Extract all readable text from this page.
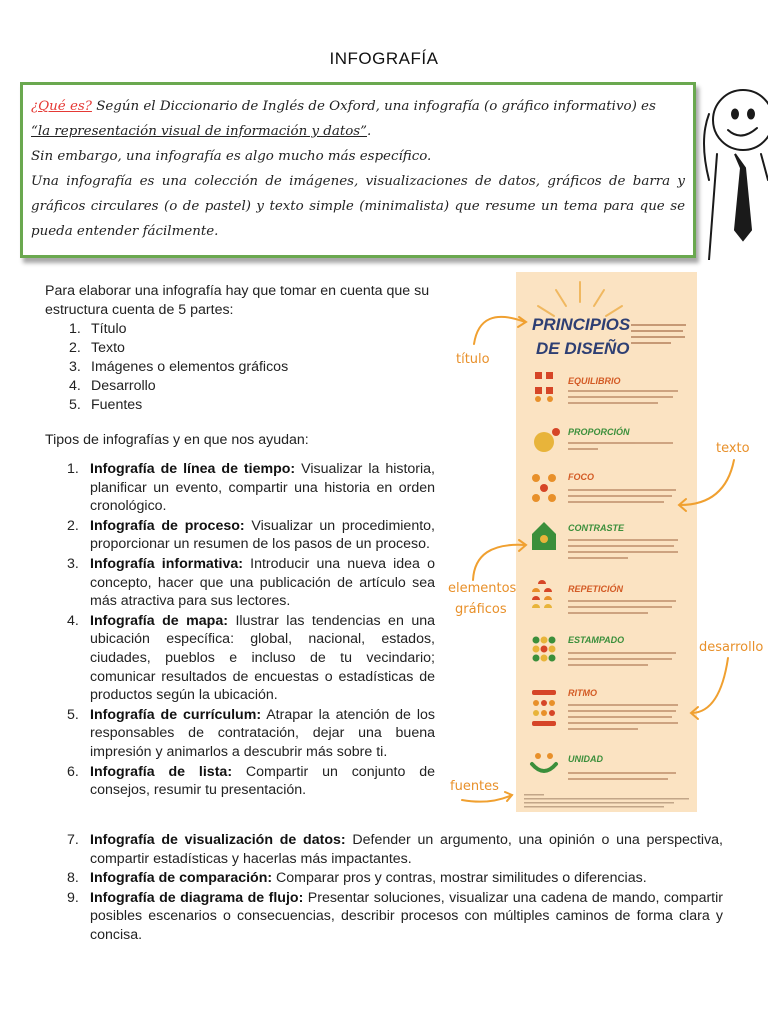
INFOGRAFÍA

¿Qué es? Según el Diccionario de Inglés de Oxford, una infografía (o gráfico informativo) es

“la representación visual de información y datos”.

Sin embargo, una infografía es algo mucho más específico.

Una infografía es una colección de imágenes, visualizaciones de datos, gráficos de barra y gráficos circulares (o de pastel) y texto simple (minimalista) que resume un tema para que se pueda entender fácilmente.

Para elaborar una infografía hay que tomar en cuenta que su estructura cuenta de 5 partes:

1. Título
2. Texto
3. Imágenes o elementos gráficos
4. Desarrollo
5. Fuentes
Tipos de infografías y en que nos ayudan:
1. Infografía de línea de tiempo: Visualizar la historia, planificar un evento, compartir una historia en orden cronológico.
2. Infografía de proceso: Visualizar un procedimiento, proporcionar un resumen de los pasos de un proceso.
3. Infografía informativa: Introducir una nueva idea o concepto, hacer que una publicación de artículo sea más atractiva para sus lectores.
4. Infografía de mapa: Ilustrar las tendencias en una ubicación específica: global, nacional, estados, ciudades, pueblos e incluso de tu vecindario; comunicar resultados de encuestas o estadísticas de productos según la ubicación.
5. Infografía de currículum: Atrapar la atención de los responsables de contratación, dejar una buena impresión y animarlos a descubrir más sobre ti.
6. Infografía de lista: Compartir un conjunto de consejos, resumir tu presentación.
7. Infografía de visualización de datos: Defender un argumento, una opinión o una perspectiva, compartir estadísticas y hacerlas más impactantes.
8. Infografía de comparación: Comparar pros y contras, mostrar similitudes o diferencias.
9. Infografía de diagrama de flujo: Presentar soluciones, visualizar una cadena de mando, compartir posibles escenarios o consecuencias, describir procesos con múltiples caminos de forma clara y concisa.
PRINCIPIOS
DE DISEÑO
EQUILIBRIO
PROPORCIÓN
FOCO
CONTRASTE
REPETICIÓN
ESTAMPADO
RITMO
UNIDAD
título
texto
elementos
gráficos
desarrollo
fuentes
